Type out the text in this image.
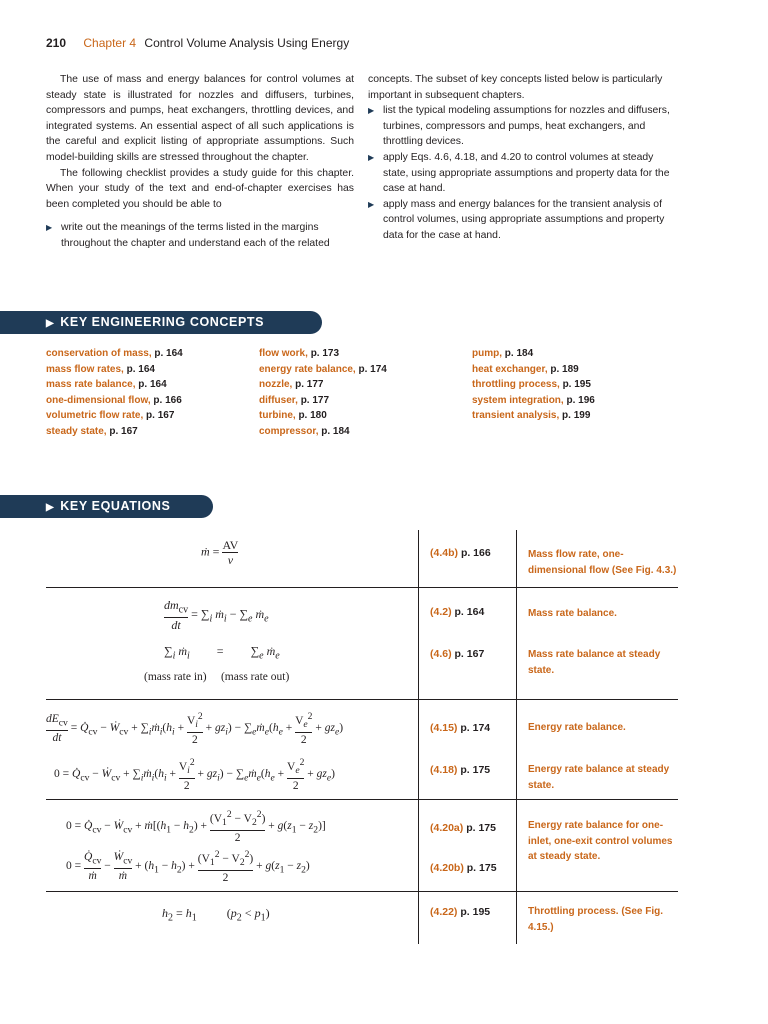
210 Chapter 4 Control Volume Analysis Using Energy

The use of mass and energy balances for control volumes at steady state is illustrated for nozzles and diffusers, turbines, compressors and pumps, heat exchangers, throttling devices, and integrated systems. An essential aspect of all such applications is the careful and explicit listing of appropriate assumptions. Such model-building skills are stressed throughout the chapter.

The following checklist provides a study guide for this chapter. When your study of the text and end-of-chapter exercises has been completed you should be able to

▶ write out the meanings of the terms listed in the margins throughout the chapter and understand each of the related

concepts. The subset of key concepts listed below is particularly important in subsequent chapters.

▶ list the typical modeling assumptions for nozzles and diffusers, turbines, compressors and pumps, heat exchangers, and throttling devices.
▶ apply Eqs. 4.6, 4.18, and 4.20 to control volumes at steady state, using appropriate assumptions and property data for the case at hand.
▶ apply mass and energy balances for the transient analysis of control volumes, using appropriate assumptions and property data for the case at hand.
▶ KEY ENGINEERING CONCEPTS
conservation of mass, p. 164
mass flow rates, p. 164
mass rate balance, p. 164
one-dimensional flow, p. 166
volumetric flow rate, p. 167
steady state, p. 167
flow work, p. 173
energy rate balance, p. 174
nozzle, p. 177
diffuser, p. 177
turbine, p. 180
compressor, p. 184
pump, p. 184
heat exchanger, p. 189
throttling process, p. 195
system integration, p. 196
transient analysis, p. 199
▶ KEY EQUATIONS
ṁ = $\frac{AV}{v}$	(4.4b) p. 166	Mass flow rate, one-dimensional flow (See Fig. 4.3.)
$\frac{dm_{cv}}{dt} = \sum_i$ ṁ$_i$ − $\sum_e$ ṁ$_e$
(4.2) p. 164	Mass rate balance.
$\sum_i$ ṁ$_i$         =         $\sum_e$ ṁ$_e$
(mass rate in) (mass rate out)
(4.6) p. 167	Mass rate balance at steady state.
$\frac{dE_{cv}}{dt}$ = $Q̇_{cv}$ − $Ẇ_{cv}$ + $\sum_iṁ_i(h_i + \frac{V_i^2}{2} + gz_i)$ − $\sum_eṁ_e(h_e + \frac{V_e^2}{2} + gz_e)$	(4.15) p. 174	Energy rate balance.
$0 = Q̇_{cv}$ − $Ẇ_{cv}$ + $\sum_iṁ_i(h_i + \frac{V_i^2}{2} + gz_i)$ − $\sum_eṁ_e(h_e + \frac{V_e^2}{2} + gz_e)$	(4.18) p. 175	Energy rate balance at steady state.
$0 = Q̇_{cv}$ − $Ẇ_{cv}$ + $ṁ[(h_1 - h_2) + \frac{(V_1^2 - V_2^2)}{2} + g(z_1 - z_2)]$	(4.20a) p. 175	Energy rate balance for one-inlet, one-exit control volumes at steady state.
$0 = \frac{Q̇_{cv}}{\text{ṁ}} - \frac{Ẇ_{cv}}{\text{ṁ}} + (h_1 - h_2) + \frac{(V_1^2 - V_2^2)}{2} + g(z_1 - z_2)$	(4.20b) p. 175
$h_2 = h_1$          $(p_2 < p_1)$	(4.22) p. 195	Throttling process. (See Fig. 4.15.)
